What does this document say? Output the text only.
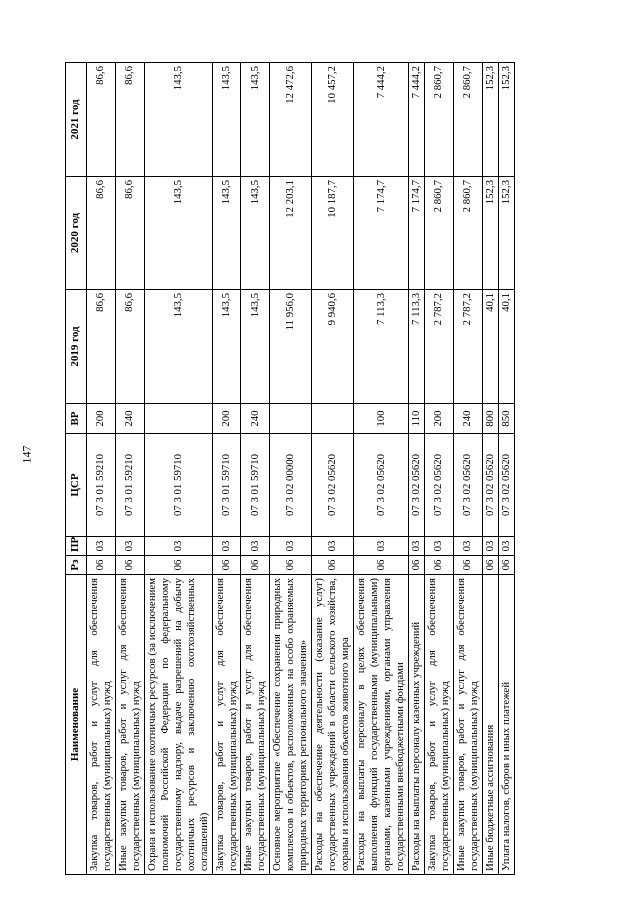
147
Наименование	Рз	ПР	ЦСР	ВР	2019 год	2020 год	2021 год
Закупка товаров, работ и услуг для обеспечения государственных (муниципальных) нужд	06	03	07 3 01 59210	200	86,6	86,6	86,6
Иные закупки товаров, работ и услуг для обеспечения государственных (муниципальных) нужд	06	03	07 3 01 59210	240	86,6	86,6	86,6
Охрана и использование охотничьих ресурсов (за исключением полномочий Российской Федерации по федеральному государственному надзору, выдаче разрешений на добычу охотничьих ресурсов и заключению охотхозяйственных соглашений)	06	03	07 3 01 59710		143,5	143,5	143,5
Закупка товаров, работ и услуг для обеспечения государственных (муниципальных) нужд	06	03	07 3 01 59710	200	143,5	143,5	143,5
Иные закупки товаров, работ и услуг для обеспечения государственных (муниципальных) нужд	06	03	07 3 01 59710	240	143,5	143,5	143,5
Основное мероприятие «Обеспечение сохранения природных комплексов и объектов, расположенных на особо охраняемых природных территориях регионального значения»	06	03	07 3 02 00000		11 956,0	12 203,1	12 472,6
Расходы на обеспечение деятельности (оказание услуг) государственных учреждений в области сельского хозяйства, охраны и использования объектов животного мира	06	03	07 3 02 05620		9 940,6	10 187,7	10 457,2
Расходы на выплаты персоналу в целях обеспечения выполнения функций государственными (муниципальными) органами, казенными учреждениями, органами управления государственными внебюджетными фондами	06	03	07 3 02 05620	100	7 113,3	7 174,7	7 444,2
Расходы на выплаты персоналу казенных учреждений	06	03	07 3 02 05620	110	7 113,3	7 174,7	7 444,2
Закупка товаров, работ и услуг для обеспечения государственных (муниципальных) нужд	06	03	07 3 02 05620	200	2 787,2	2 860,7	2 860,7
Иные закупки товаров, работ и услуг для обеспечения государственных (муниципальных) нужд	06	03	07 3 02 05620	240	2 787,2	2 860,7	2 860,7
Иные бюджетные ассигнования	06	03	07 3 02 05620	800	40,1	152,3	152,3
Уплата налогов, сборов и иных платежей	06	03	07 3 02 05620	850	40,1	152,3	152,3
